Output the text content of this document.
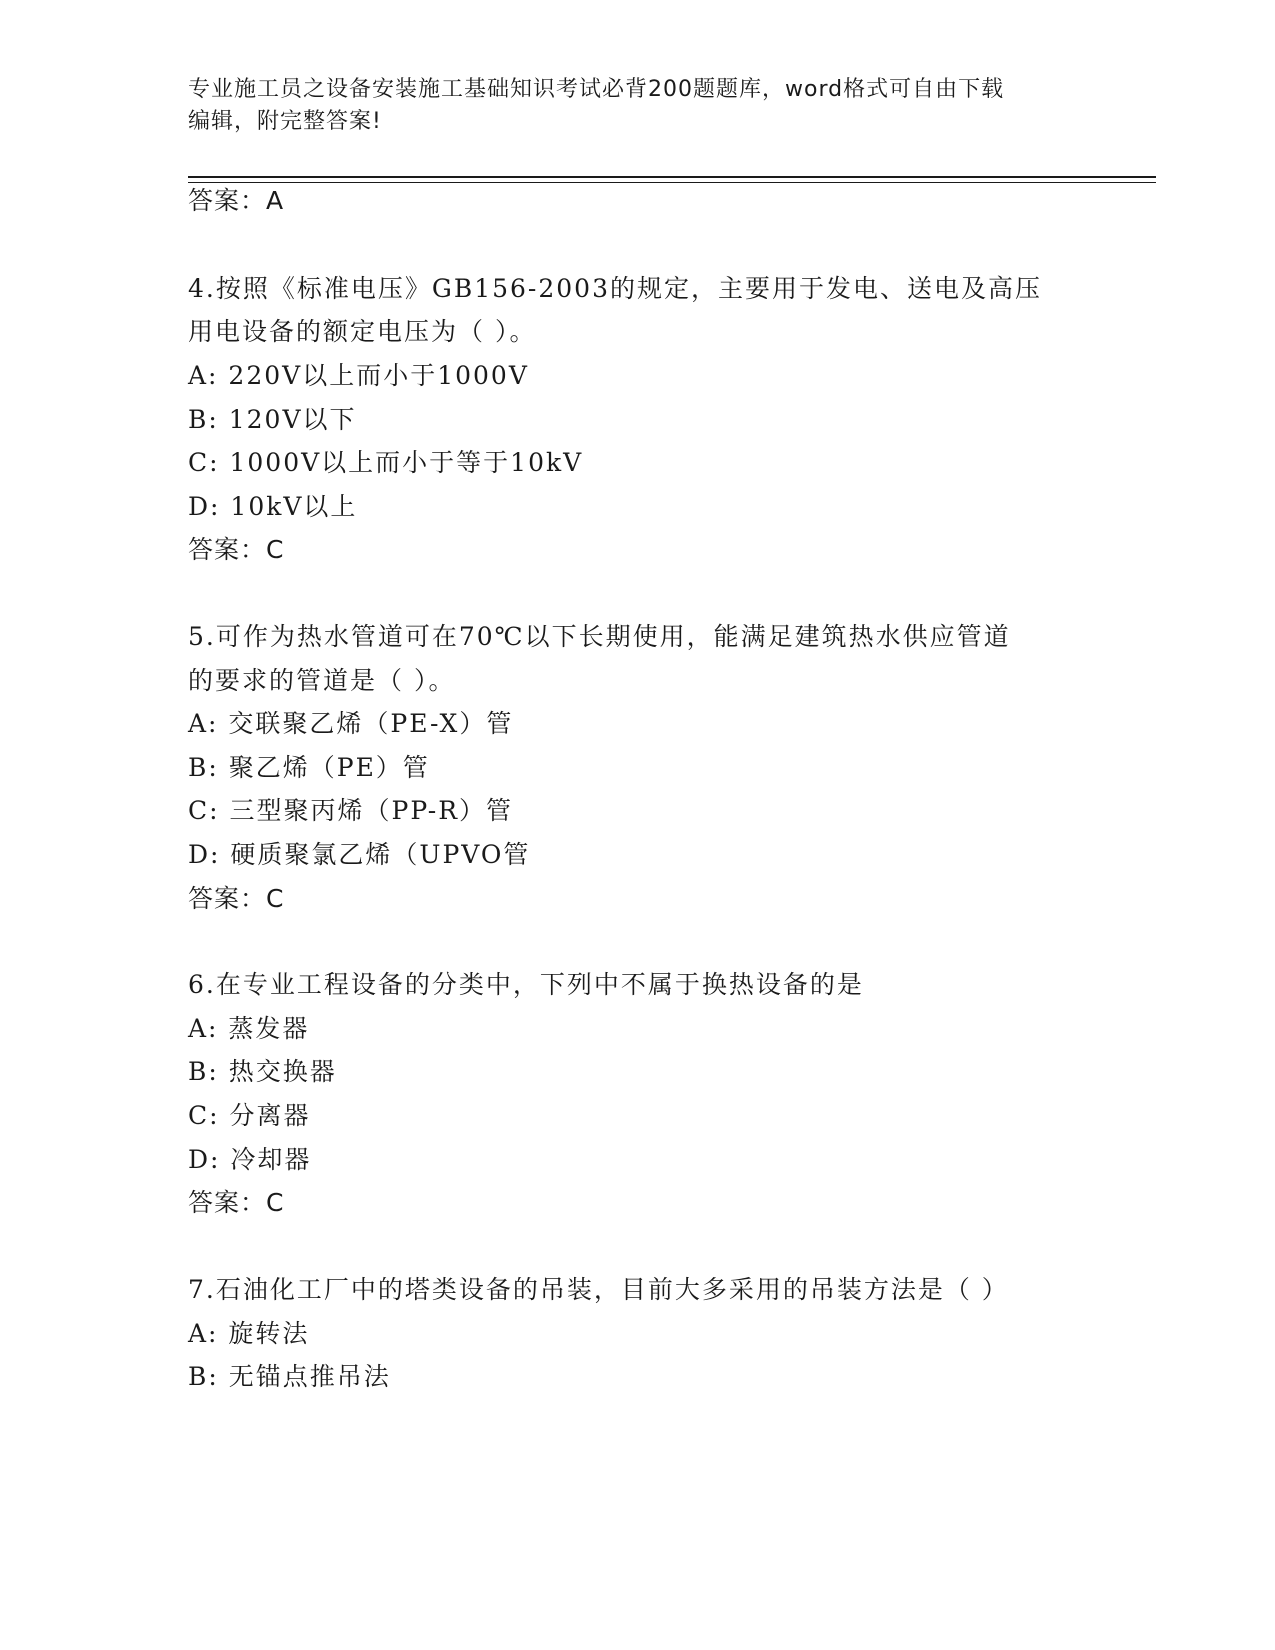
专业施工员之设备安装施工基础知识考试必背200题题库，word格式可自由下载
编辑，附完整答案!
答案：A
4.按照《标准电压》GB156-2003的规定，主要用于发电、送电及高压
用电设备的额定电压为（ ）。
A: 220V以上而小于1000V
B: 120V以下
C: 1000V以上而小于等于10kV
D: 10kV以上
答案：C
5.可作为热水管道可在70℃以下长期使用，能满足建筑热水供应管道
的要求的管道是（ ）。
A: 交联聚乙烯（PE-X）管
B: 聚乙烯（PE）管
C: 三型聚丙烯（PP-R）管
D: 硬质聚氯乙烯（UPVO管
答案：C
6.在专业工程设备的分类中，下列中不属于换热设备的是
A: 蒸发器
B: 热交换器
C: 分离器
D: 冷却器
答案：C
7.石油化工厂中的塔类设备的吊装，目前大多采用的吊装方法是（ ）
A: 旋转法
B: 无锚点推吊法
